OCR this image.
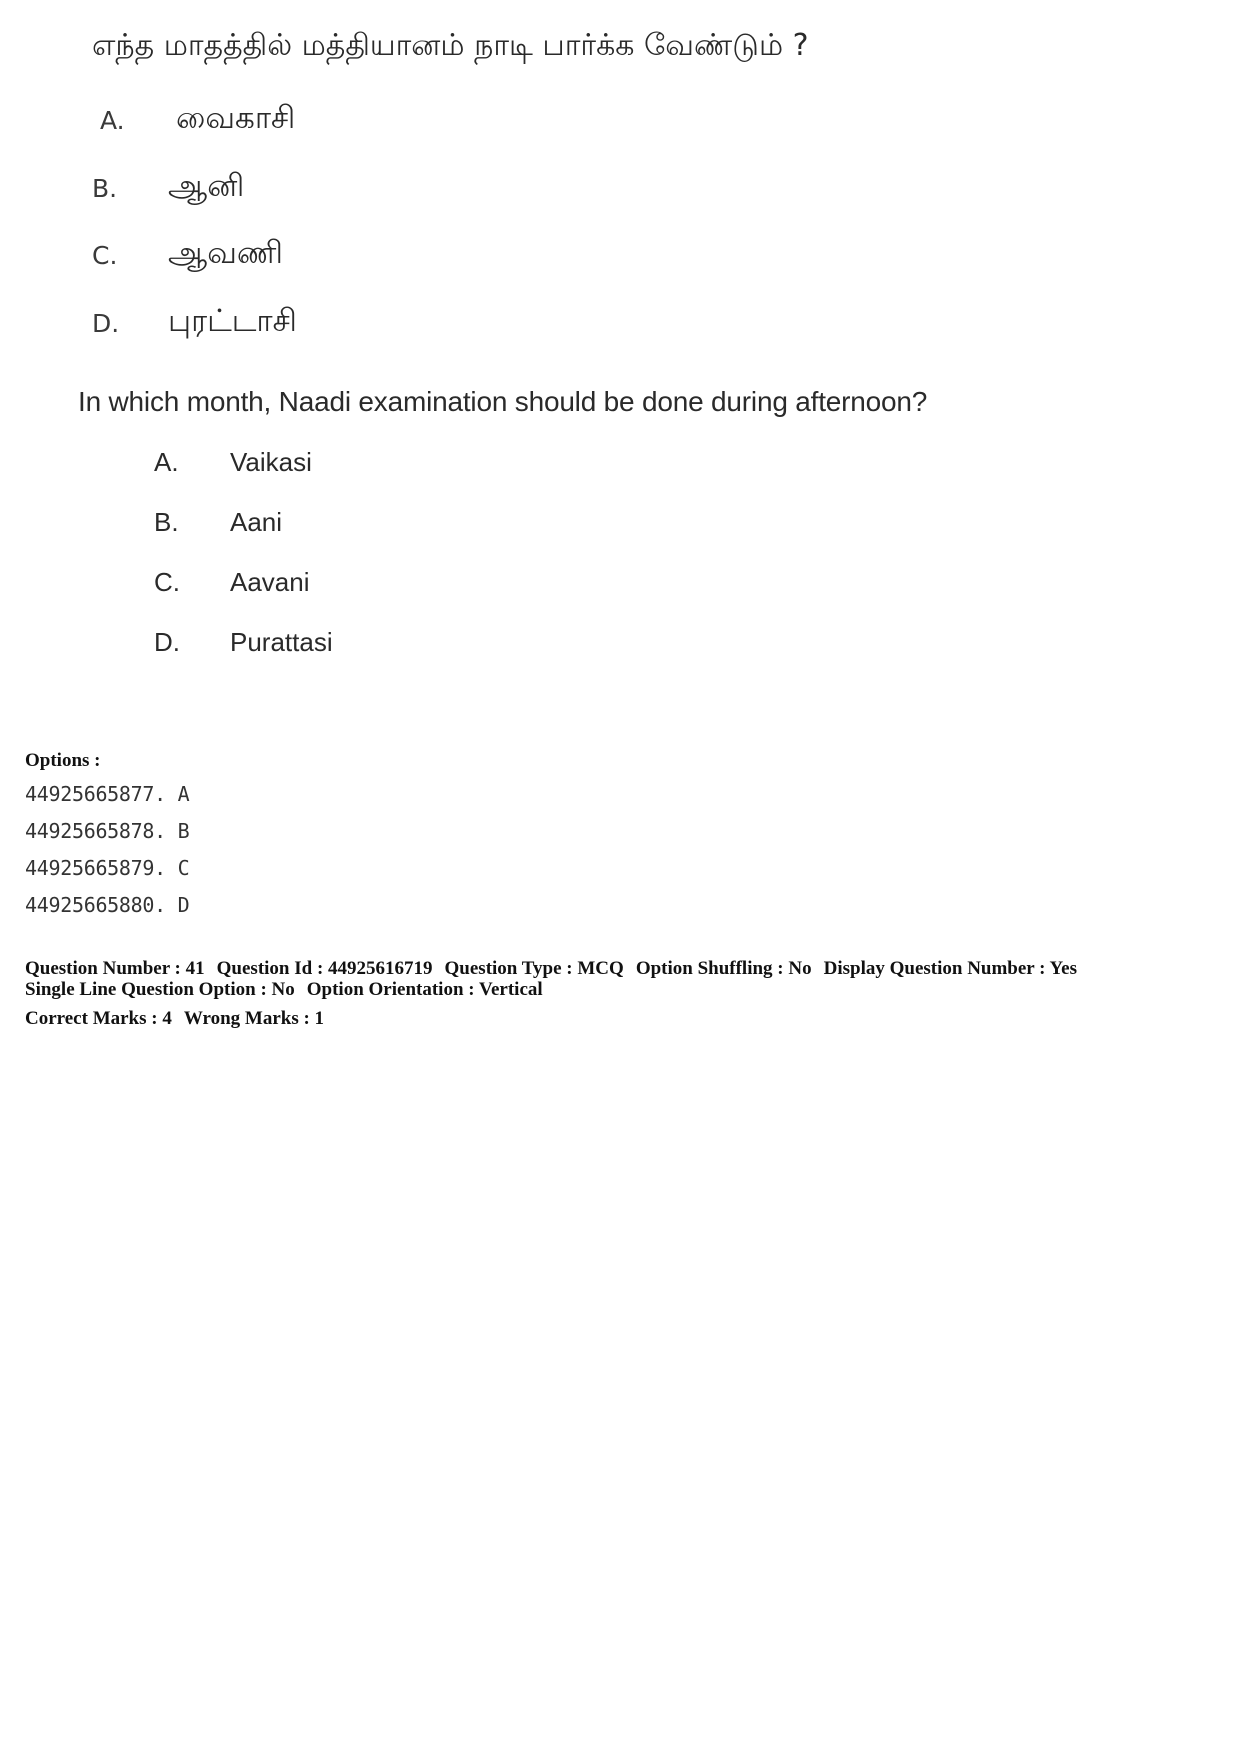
எந்த மாதத்தில் மத்தியானம் நாடி பார்க்க வேண்டும் ?
A. வைகாசி
B. ஆனி
C. ஆவணி
D. புரட்டாசி
In which month, Naadi examination should be done during afternoon?
A. Vaikasi
B. Aani
C. Aavani
D. Purattasi
Options :
44925665877. A
44925665878. B
44925665879. C
44925665880. D
Question Number : 41 Question Id : 44925616719 Question Type : MCQ Option Shuffling : No Display Question Number : Yes
Single Line Question Option : No Option Orientation : Vertical
Correct Marks : 4 Wrong Marks : 1
